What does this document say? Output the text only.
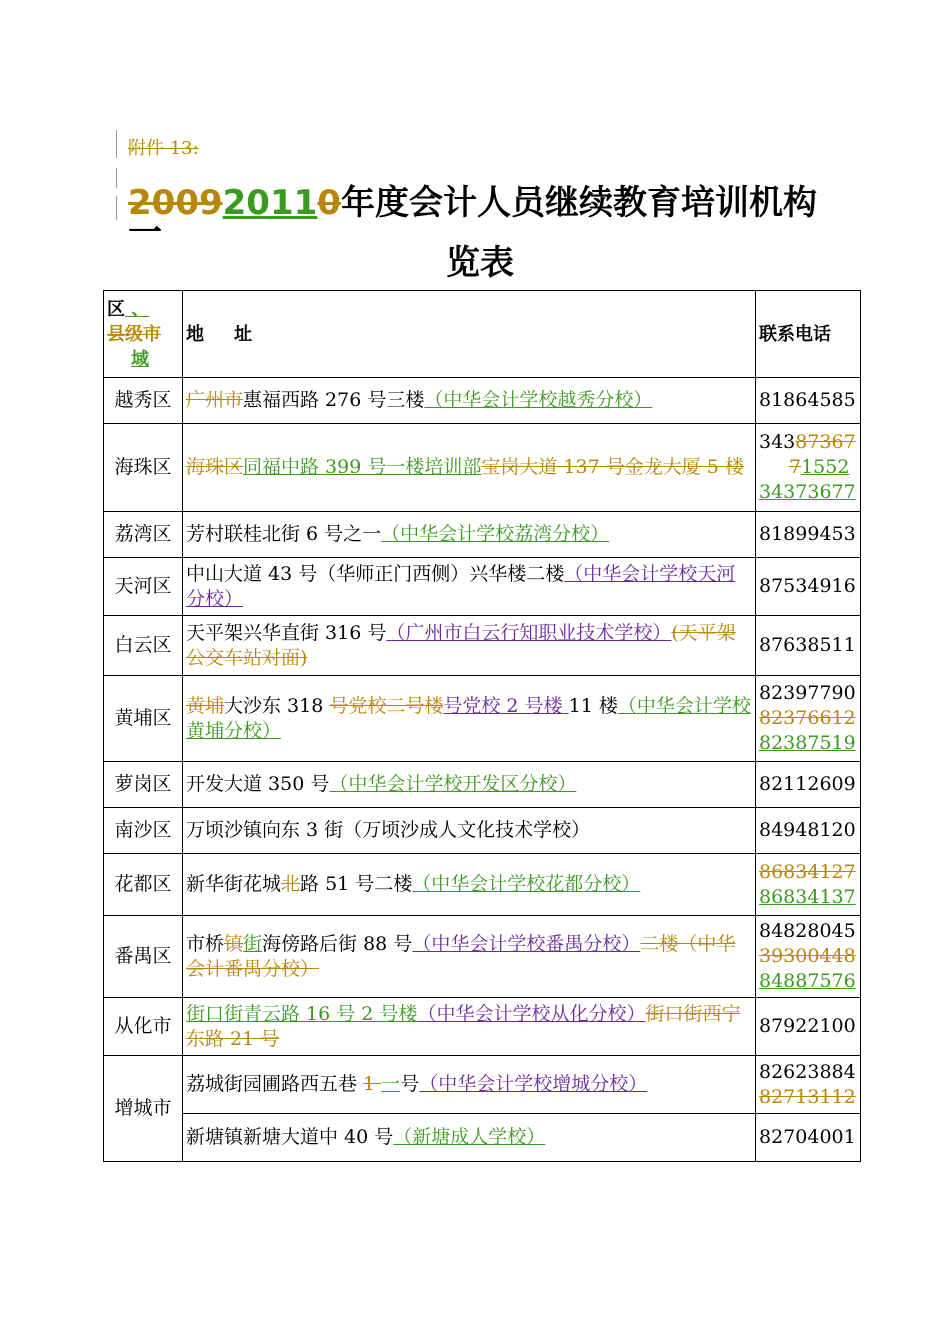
附件 13:
200920110年度会计人员继续教育培训机构一
览表
区 、
县级市
域	地址	联系电话
越秀区	广州市惠福西路 276 号三楼（中华会计学校越秀分校）	81864585

海珠区	海珠区同福中路 399 号一楼培训部宝岗大道 137 号金龙大厦 5 楼	34387367
71552
34373677

荔湾区	芳村联桂北街 6 号之一（中华会计学校荔湾分校）	81899453

天河区	中山大道 43 号（华师正门西侧）兴华楼二楼（中华会计学校天河分校）	87534916

白云区	天平架兴华直街 316 号（广州市白云行知职业技术学校）(天平架公交车站对面)	87638511

黄埔区	黄埔大沙东 318 号党校二号楼号党校 2 号楼 11 楼（中华会计学校黄埔分校）	82397790
82376612
82387519

萝岗区	开发大道 350 号（中华会计学校开发区分校）	82112609

南沙区	万顷沙镇向东 3 街（万顷沙成人文化技术学校）	84948120

花都区	新华街花城北路 51 号二楼（中华会计学校花都分校）	86834127
86834137

番禺区	市桥镇街海傍路后街 88 号（中华会计学校番禺分校）二楼（中华会计番禺分校）	84828045
39300448
84887576

从化市	街口街青云路 16 号 2 号楼（中华会计学校从化分校）街口街西宁东路 21 号	87922100

增城市	荔城街园圃路西五巷 1 一号（中华会计学校增城分校）	82623884
82713112

	新塘镇新塘大道中 40 号（新塘成人学校）	82704001
